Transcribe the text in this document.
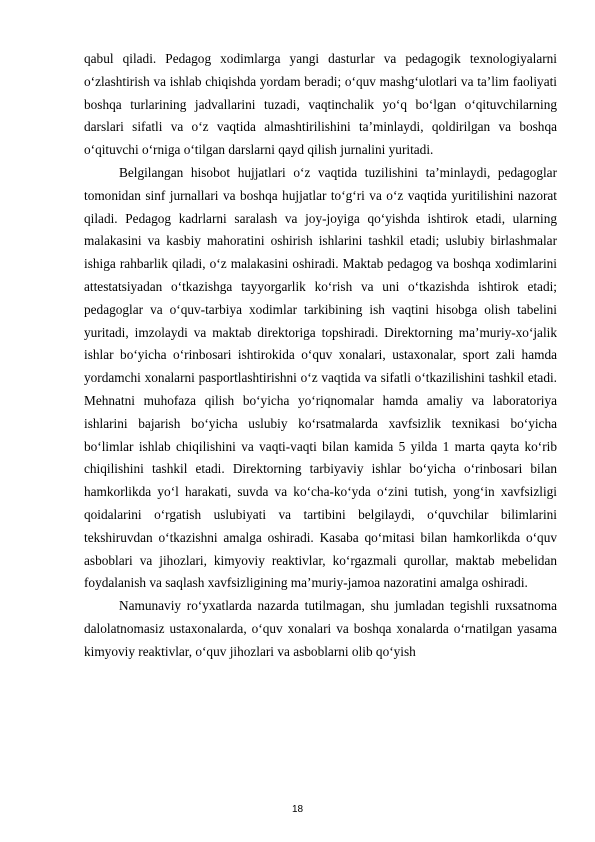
qabul qiladi. Pedagog xodimlarga yangi dasturlar va pedagogik texnologiyalarni o‘zlashtirish va ishlab chiqishda yordam beradi; o‘quv mashg‘ulotlari va ta’lim faoliyati boshqa turlarining jadvallarini tuzadi, vaqtinchalik yo‘q bo‘lgan o‘qituvchilarning darslari sifatli va o‘z vaqtida almashtirilishini ta’minlaydi, qoldirilgan va boshqa o‘qituvchi o‘rniga o‘tilgan darslarni qayd qilish jurnalini yuritadi.

Belgilangan hisobot hujjatlari o‘z vaqtida tuzilishini ta’minlaydi, pedagoglar tomonidan sinf jurnallari va boshqa hujjatlar to‘g‘ri va o‘z vaqtida yuritilishini nazorat qiladi. Pedagog kadrlarni saralash va joy-joyiga qo‘yishda ishtirok etadi, ularning malakasini va kasbiy mahoratini oshirish ishlarini tashkil etadi; uslubiy birlashmalar ishiga rahbarlik qiladi, o‘z malakasini oshiradi. Maktab pedagog va boshqa xodimlarini attestatsiyadan o‘tkazishga tayyorgarlik ko‘rish va uni o‘tkazishda ishtirok etadi; pedagoglar va o‘quv-tarbiya xodimlar tarkibining ish vaqtini hisobga olish tabelini yuritadi, imzolaydi va maktab direktoriga topshiradi. Direktorning ma’muriy-xo‘jalik ishlar bo‘yicha o‘rinbosari ishtirokida o‘quv xonalari, ustaxonalar, sport zali hamda yordamchi xonalarni pasportlashtirishni o‘z vaqtida va sifatli o‘tkazilishini tashkil etadi. Mehnatni muhofaza qilish bo‘yicha yo‘riqnomalar hamda amaliy va laboratoriya ishlarini bajarish bo‘yicha uslubiy ko‘rsatmalarda xavfsizlik texnikasi bo‘yicha bo‘limlar ishlab chiqilishini va vaqti-vaqti bilan kamida 5 yilda 1 marta qayta ko‘rib chiqilishini tashkil etadi. Direktorning tarbiyaviy ishlar bo‘yicha o‘rinbosari bilan hamkorlikda yo‘l harakati, suvda va ko‘cha-ko‘yda o‘zini tutish, yong‘in xavfsizligi qoidalarini o‘rgatish uslubiyati va tartibini belgilaydi, o‘quvchilar bilimlarini tekshiruvdan o‘tkazishni amalga oshiradi. Kasaba qo‘mitasi bilan hamkorlikda o‘quv asboblari va jihozlari, kimyoviy reaktivlar, ko‘rgazmali qurollar, maktab mebelidan foydalanish va saqlash xavfsizligining ma’muriy-jamoa nazoratini amalga oshiradi.

Namunaviy ro‘yxatlarda nazarda tutilmagan, shu jumladan tegishli ruxsatnoma dalolatnomasiz ustaxonalarda, o‘quv xonalari va boshqa xonalarda o‘rnatilgan yasama kimyoviy reaktivlar, o‘quv jihozlari va asboblarni olib qo‘yish

18
